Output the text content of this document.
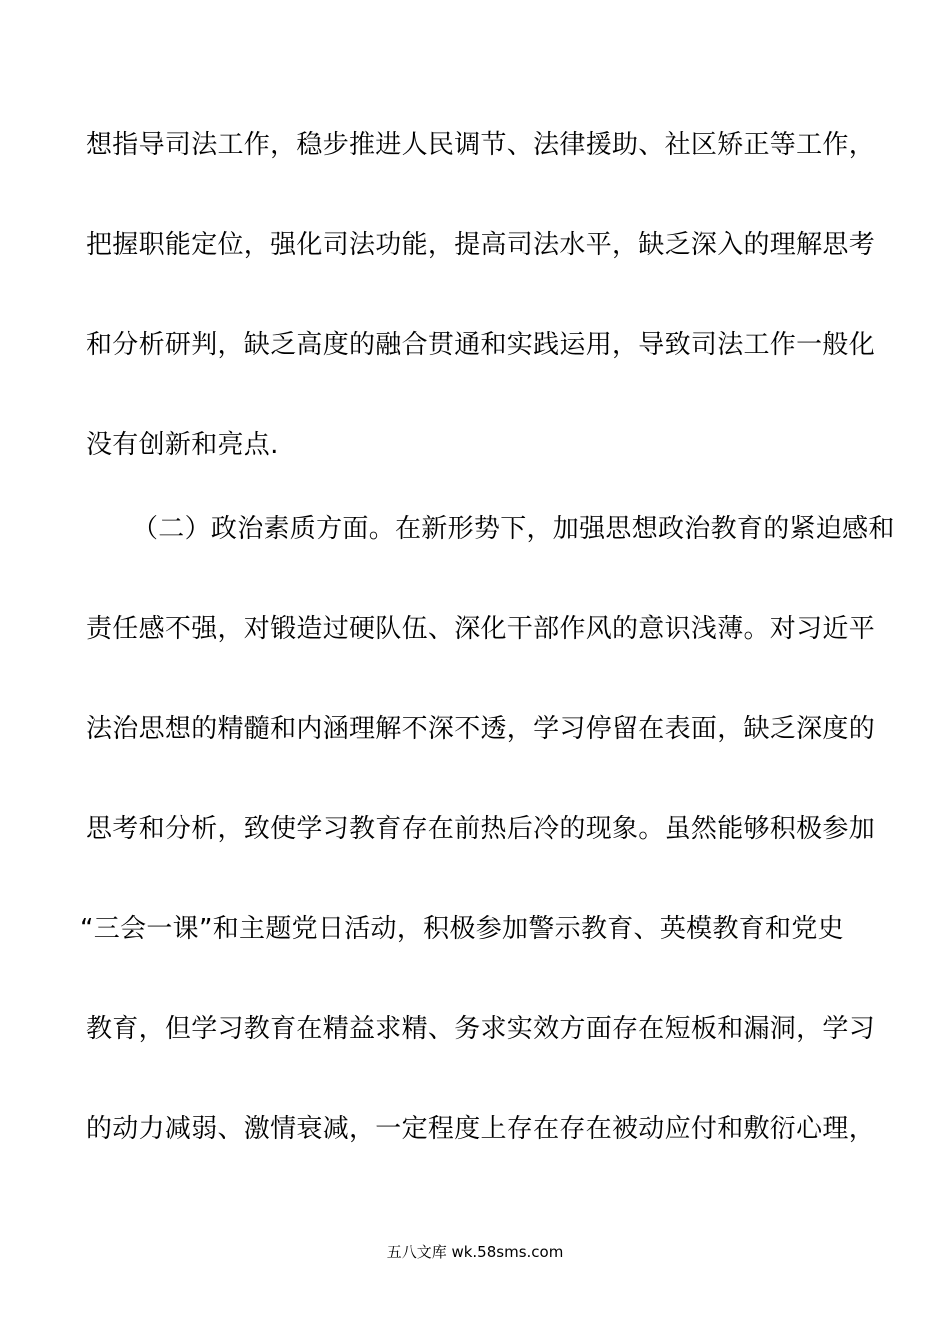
想指导司法工作，稳步推进人民调节、法律援助、社区矫正等工作，
把握职能定位，强化司法功能，提高司法水平，缺乏深入的理解思考
和分析研判，缺乏高度的融合贯通和实践运用，导致司法工作一般化
没有创新和亮点.
（二）政治素质方面。在新形势下，加强思想政治教育的紧迫感和
责任感不强，对锻造过硬队伍、深化干部作风的意识浅薄。对习近平
法治思想的精髓和内涵理解不深不透，学习停留在表面，缺乏深度的
思考和分析，致使学习教育存在前热后冷的现象。虽然能够积极参加
“三会一课”和主题党日活动，积极参加警示教育、英模教育和党史
教育，但学习教育在精益求精、务求实效方面存在短板和漏洞，学习
的动力减弱、激情衰减，一定程度上存在存在被动应付和敷衍心理，
五八文库 wk.58sms.com
